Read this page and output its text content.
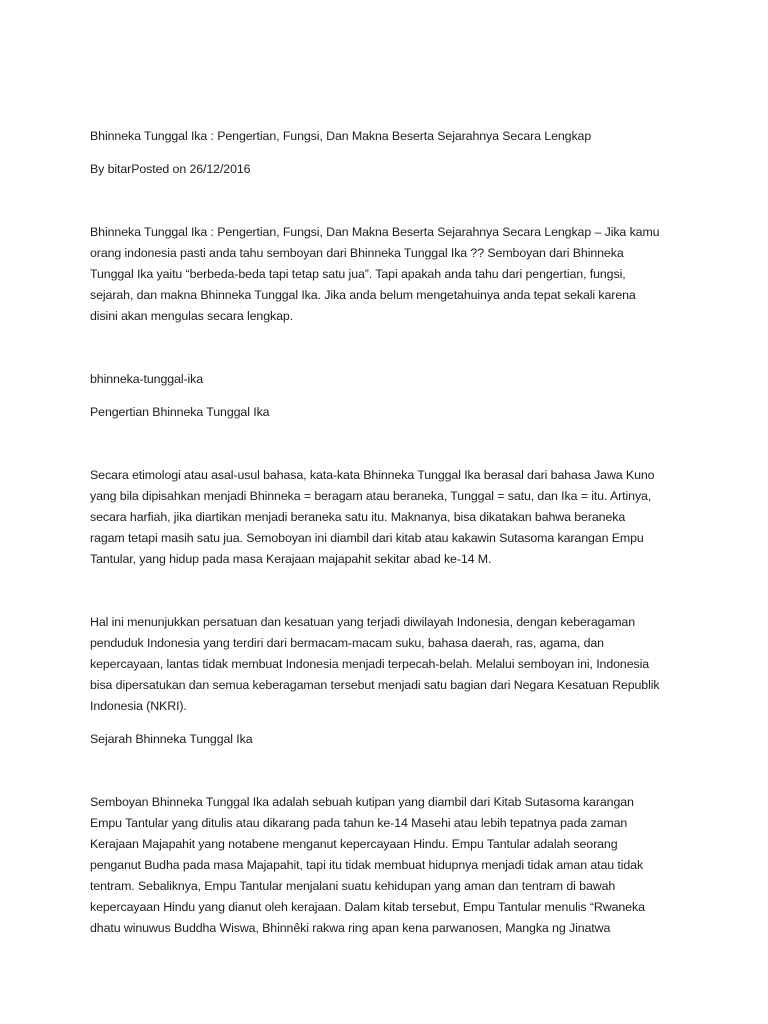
Bhinneka Tunggal Ika : Pengertian, Fungsi, Dan Makna Beserta Sejarahnya Secara Lengkap

By bitarPosted on 26/12/2016

Bhinneka Tunggal Ika : Pengertian, Fungsi, Dan Makna Beserta Sejarahnya Secara Lengkap – Jika kamu

orang indonesia pasti anda tahu semboyan dari Bhinneka Tunggal Ika ?? Semboyan dari Bhinneka

Tunggal Ika yaitu “berbeda-beda tapi tetap satu jua”. Tapi apakah anda tahu dari pengertian, fungsi,

sejarah, dan makna Bhinneka Tunggal Ika. Jika anda belum mengetahuinya anda tepat sekali karena

disini akan mengulas secara lengkap.

bhinneka-tunggal-ika

Pengertian Bhinneka Tunggal Ika

Secara etimologi atau asal-usul bahasa, kata-kata Bhinneka Tunggal Ika berasal dari bahasa Jawa Kuno

yang bila dipisahkan menjadi Bhinneka = beragam atau beraneka, Tunggal = satu, dan Ika = itu. Artinya,

secara harfiah, jika diartikan menjadi beraneka satu itu. Maknanya, bisa dikatakan bahwa beraneka

ragam tetapi masih satu jua. Semoboyan ini diambil dari kitab atau kakawin Sutasoma karangan Empu

Tantular, yang hidup pada masa Kerajaan majapahit sekitar abad ke-14 M.

Hal ini menunjukkan persatuan dan kesatuan yang terjadi diwilayah Indonesia, dengan keberagaman

penduduk Indonesia yang terdiri dari bermacam-macam suku, bahasa daerah, ras, agama, dan

kepercayaan, lantas tidak membuat Indonesia menjadi terpecah-belah. Melalui semboyan ini, Indonesia

bisa dipersatukan dan semua keberagaman tersebut menjadi satu bagian dari Negara Kesatuan Republik

Indonesia (NKRI).

Sejarah Bhinneka Tunggal Ika

Semboyan Bhinneka Tunggal Ika adalah sebuah kutipan yang diambil dari Kitab Sutasoma karangan

Empu Tantular yang ditulis atau dikarang pada tahun ke-14 Masehi atau lebih tepatnya pada zaman

Kerajaan Majapahit yang notabene menganut kepercayaan Hindu. Empu Tantular adalah seorang

penganut Budha pada masa Majapahit, tapi itu tidak membuat hidupnya menjadi tidak aman atau tidak

tentram. Sebaliknya, Empu Tantular menjalani suatu kehidupan yang aman dan tentram di bawah

kepercayaan Hindu yang dianut oleh kerajaan. Dalam kitab tersebut, Empu Tantular menulis “Rwaneka

dhatu winuwus Buddha Wiswa, Bhinnêki rakwa ring apan kena parwanosen, Mangka ng Jinatwa
